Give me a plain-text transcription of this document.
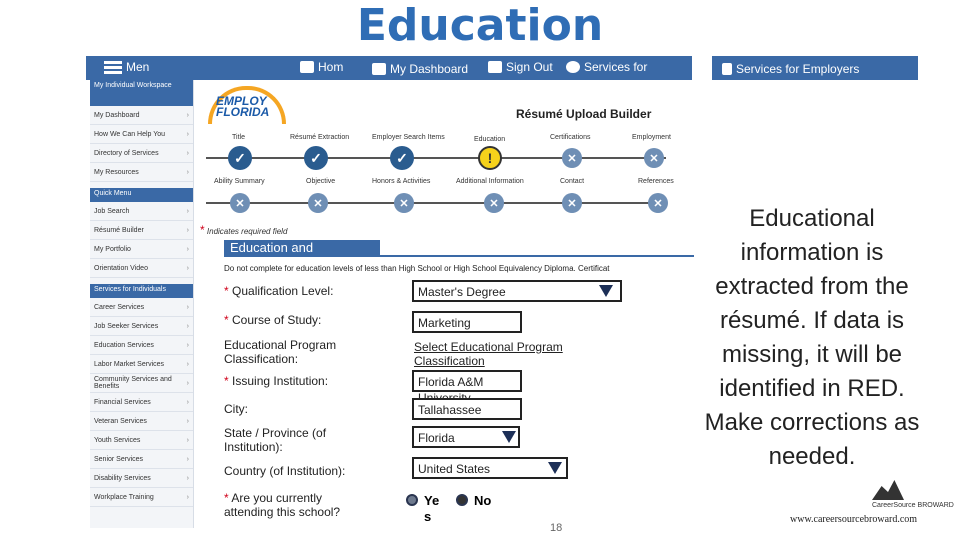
Education
Men	Hom	My Dashboard	Sign Out	Services for	Services for Employers
My Individual Workspace
My Dashboard	›
How We Can Help You	›
Directory of Services	›
My Resources	›
Quick Menu
Job Search	›
Résumé Builder	›
My Portfolio	›
Orientation Video	›
Services for Individuals
Career Services	›
Job Seeker Services	›
Education Services	›
Labor Market Services	›
Community Services and Benefits	›
Financial Services	›
Veteran Services	›
Youth Services	›
Senior Services	›
Disability Services	›
Workplace Training	›
EMPLOY
FLORIDA	Résumé Upload Builder
Title	Résumé Extraction	Employer Search Items	Education	Certifications	Employment
✓	✓	✓	!	✕	✕
Ability Summary	Objective	Honors & Activities	Additional Information	Contact	References
✕	✕	✕	✕	✕	✕
* Indicates required field
Education and
Do not complete for education levels of less than High School or High School Equivalency Diploma. Certificat
* Qualification Level:	Master's Degree
* Course of Study:	Marketing
Educational Program Classification:
Select Educational Program Classification
* Issuing Institution:	Florida A&M
City:	Tallahassee
State / Province (of Institution):
Florida
Country (of Institution):	United States
* Are you currently attending this school?
Ye s
No
Educational information is extracted from the résumé. If data is missing, it will be identified in RED. Make corrections as needed.
CareerSource BROWARD
www.careersourcebroward.com
18
